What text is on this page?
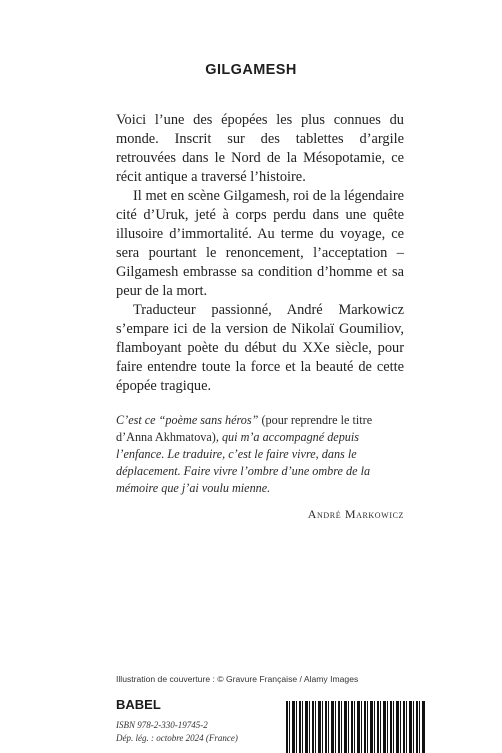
GILGAMESH

Voici l’une des épopées les plus connues du monde. Inscrit sur des tablettes d’argile retrouvées dans le Nord de la Mésopotamie, ce récit antique a traversé l’histoire.

Il met en scène Gilgamesh, roi de la légendaire cité d’Uruk, jeté à corps perdu dans une quête illusoire d’immortalité. Au terme du voyage, ce sera pourtant le renoncement, l’acceptation – Gilgamesh embrasse sa condition d’homme et sa peur de la mort.

Traducteur passionné, André Markowicz s’empare ici de la version de Nikolaï Goumiliov, flamboyant poète du début du XXe siècle, pour faire entendre toute la force et la beauté de cette épopée tragique.

C’est ce “poème sans héros” (pour reprendre le titre d’Anna Akhmatova), qui m’a accompagné depuis l’enfance. Le traduire, c’est le faire vivre, dans le déplacement. Faire vivre l’ombre d’une ombre de la mémoire que j’ai voulu mienne.
André Markowicz
Illustration de couverture : © Gravure Française / Alamy Images
BABEL
ISBN 978-2-330-19745-2
Dép. lég. : octobre 2024 (France)
